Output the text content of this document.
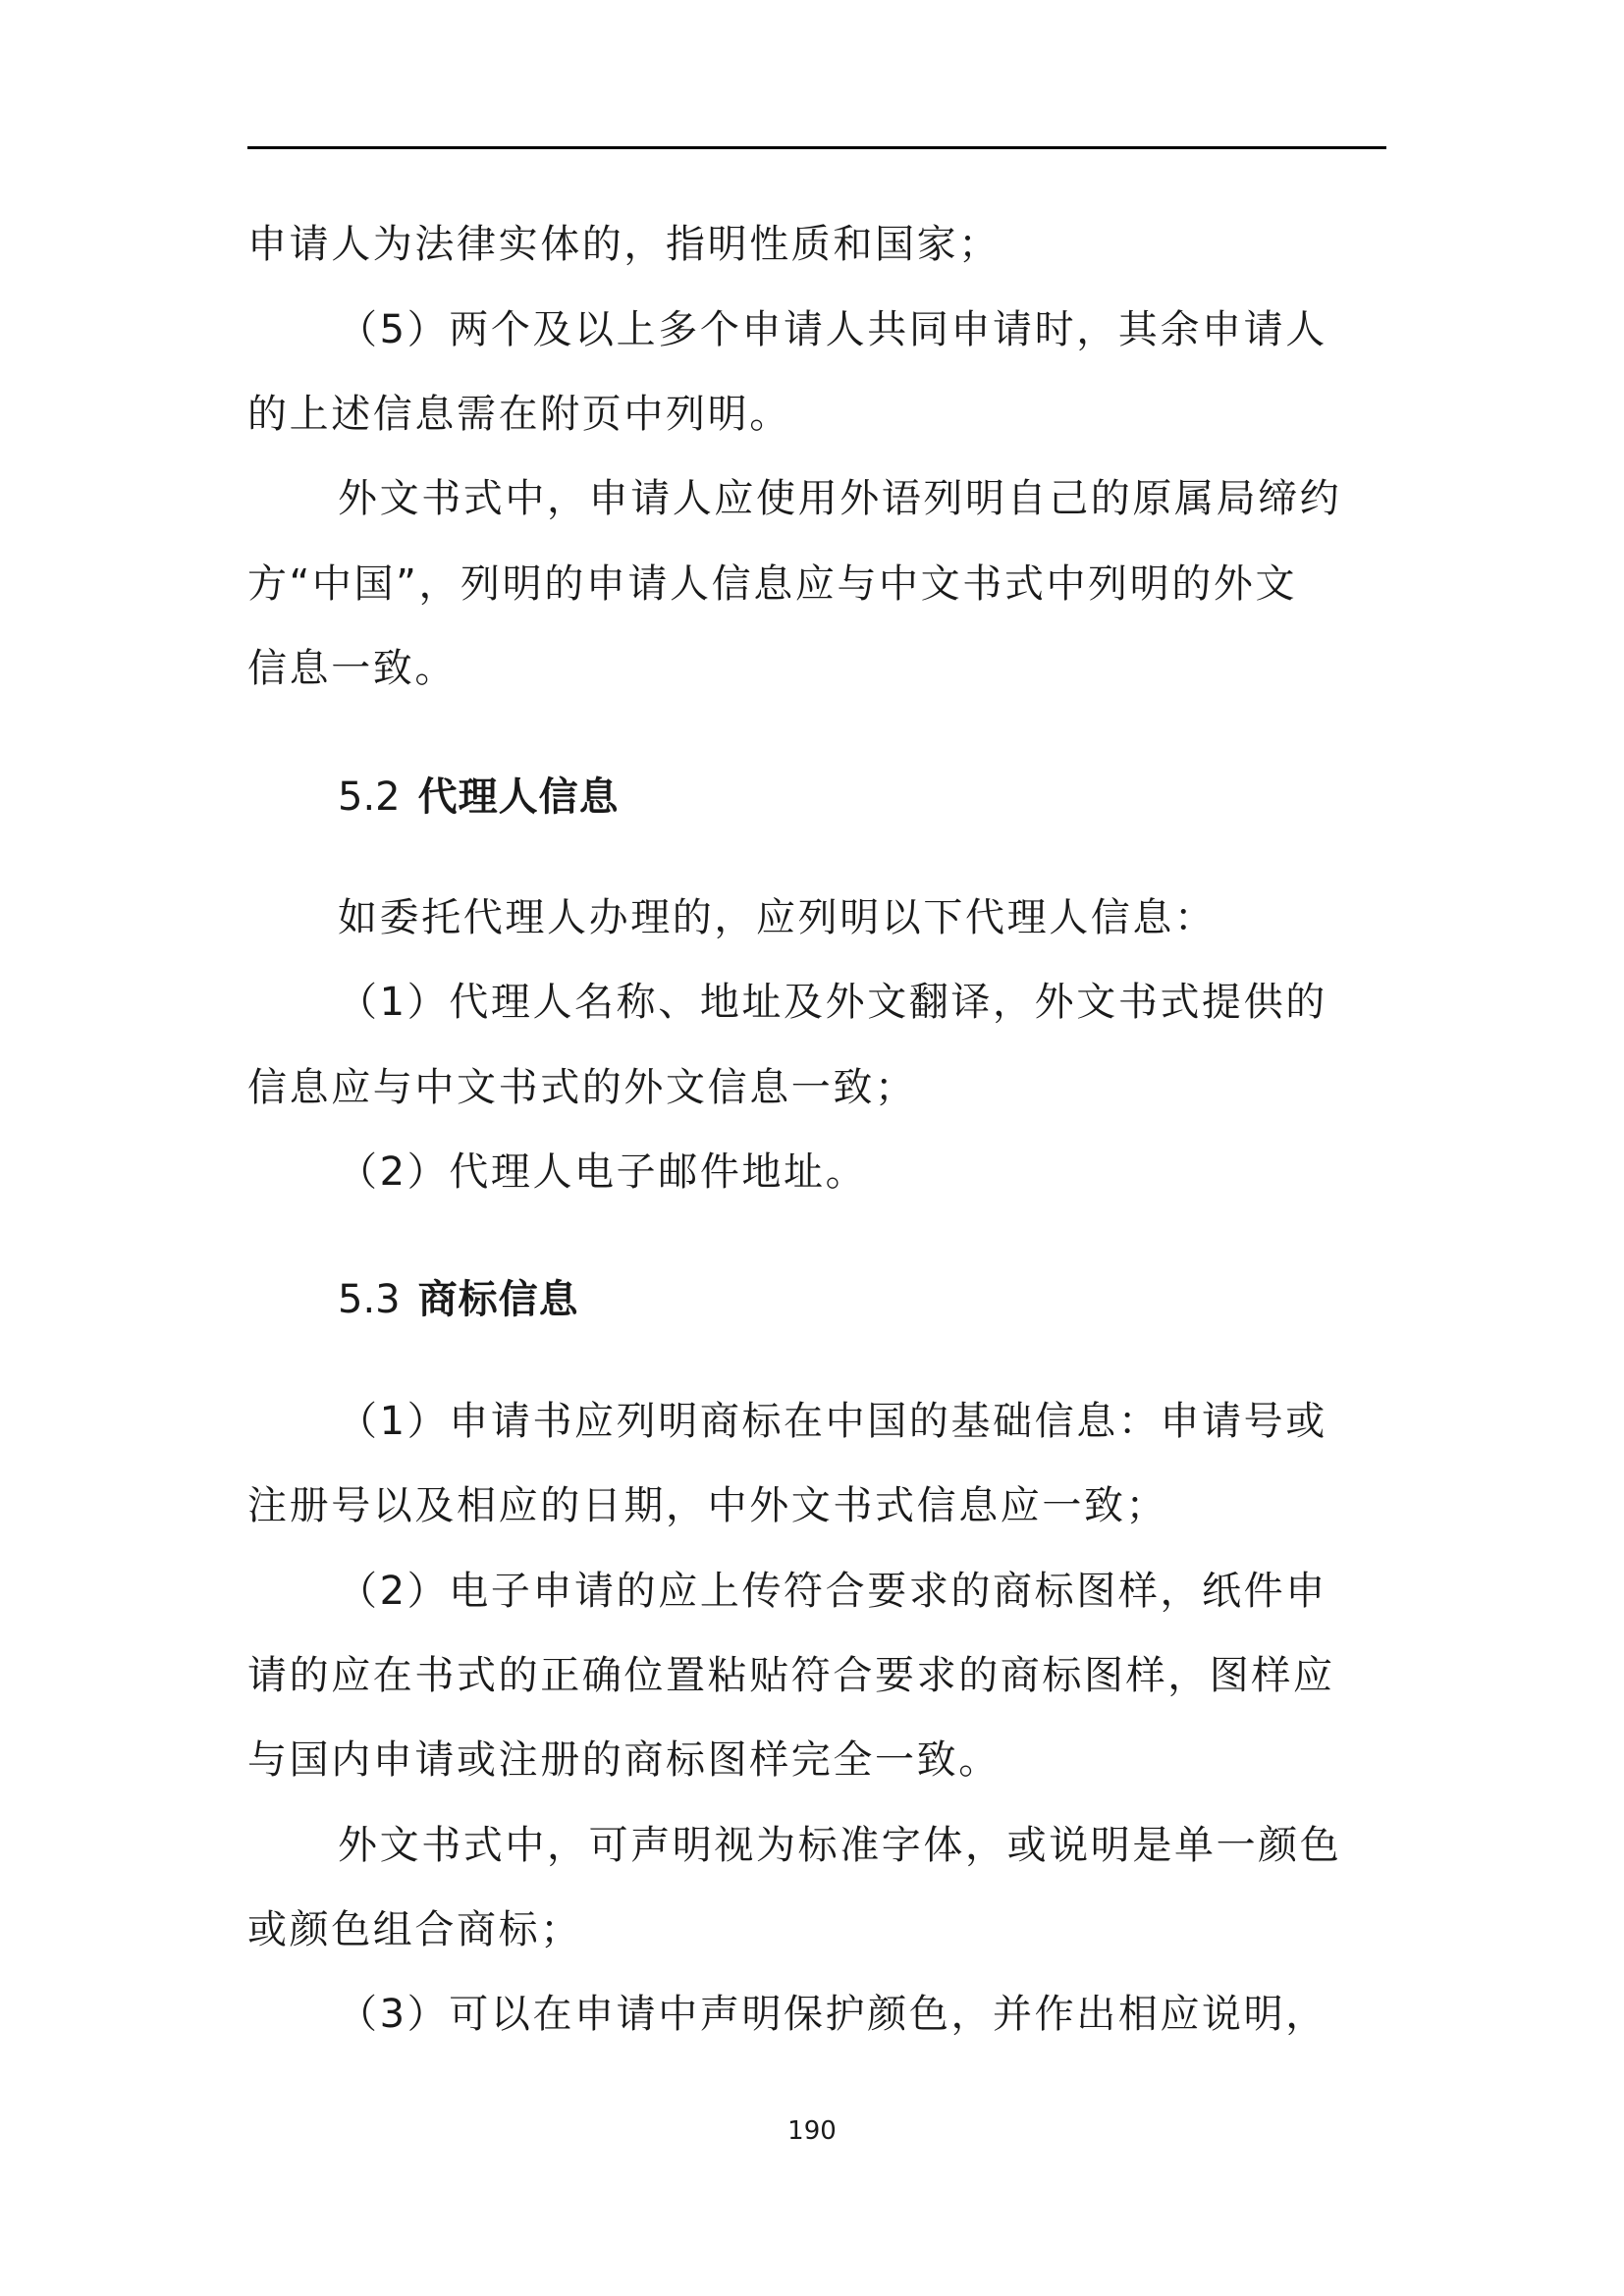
申请人为法律实体的，指明性质和国家；
（5）两个及以上多个申请人共同申请时，其余申请人
的上述信息需在附页中列明。
外文书式中，申请人应使用外语列明自己的原属局缔约
方“中国”，列明的申请人信息应与中文书式中列明的外文
信息一致。
5.2 代理人信息
如委托代理人办理的，应列明以下代理人信息：
（1）代理人名称、地址及外文翻译，外文书式提供的
信息应与中文书式的外文信息一致；
（2）代理人电子邮件地址。
5.3 商标信息
（1）申请书应列明商标在中国的基础信息：申请号或
注册号以及相应的日期，中外文书式信息应一致；
（2）电子申请的应上传符合要求的商标图样，纸件申
请的应在书式的正确位置粘贴符合要求的商标图样，图样应
与国内申请或注册的商标图样完全一致。
外文书式中，可声明视为标准字体，或说明是单一颜色
或颜色组合商标；
（3）可以在申请中声明保护颜色，并作出相应说明，
190
